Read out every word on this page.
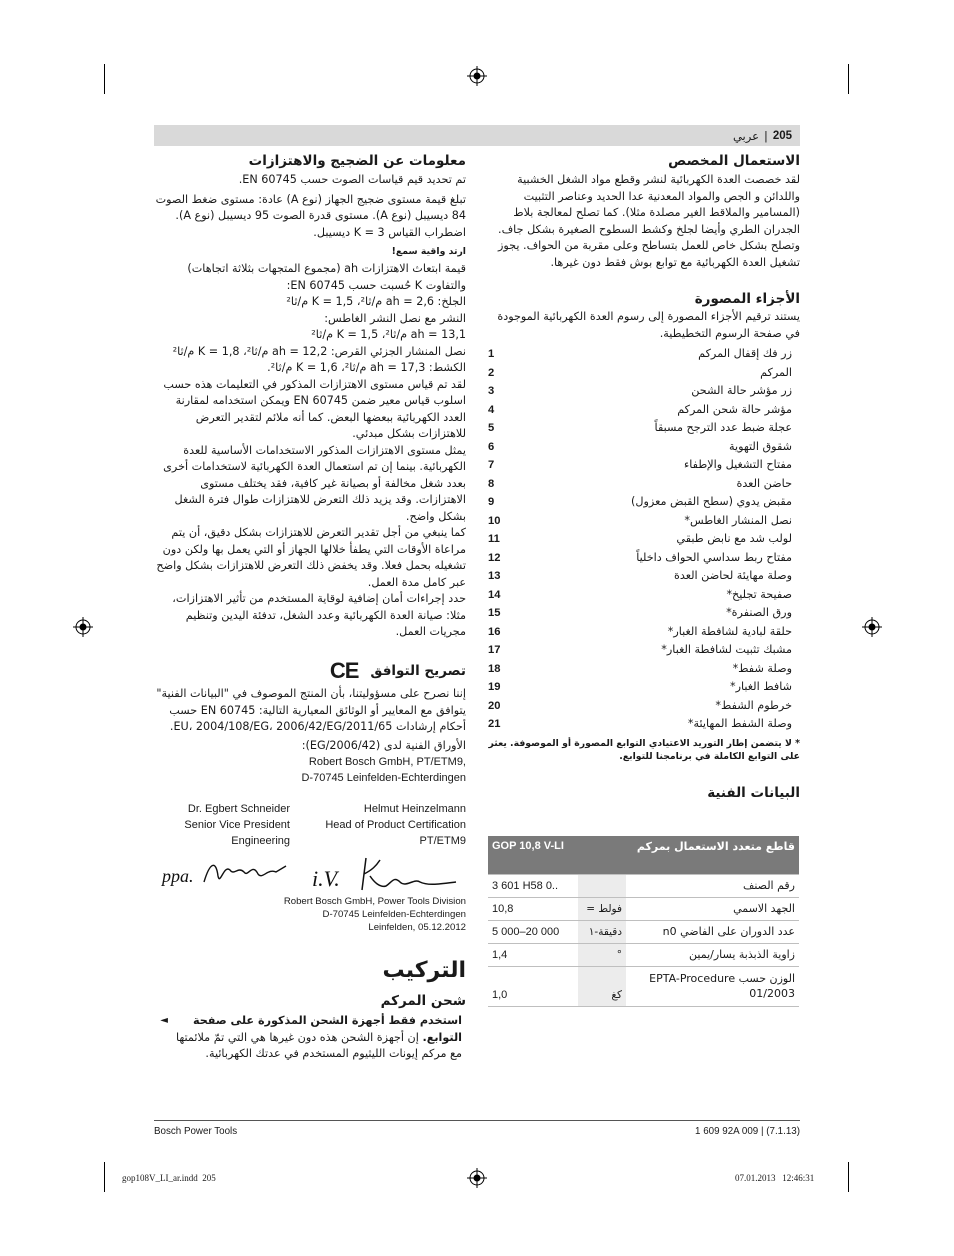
205
|
عربي
الاستعمال المخصص

لقد خصصت العدة الكهربائية لنشر وقطع مواد الشغل الخشبية واللدائن و الجص والمواد المعدنية عدا الحديد وعناصر التثبيت (المسامير والملاقط الغير مصلدة مثلا). كما تصلح لمعالجة بلاط الجدران الطري وأيضا لجلخ وكشط السطوح الصغيرة بشكل جاف. وتصلح بشكل خاص للعمل بتساطح وعلى مقربة من الحواف. يجوز تشغيل العدة الكهربائية مع توابع بوش فقط دون غيرها.

الأجزاء المصورة

يستند ترقيم الأجزاء المصورة إلى رسوم العدة الكهربائية الموجودة في صفحة الرسوم التخطيطية.

1	زر فك إقفال المركم
2	المركم
3	زر مؤشر حالة الشحن
4	مؤشر حالة شحن المركم
5	عجلة ضبط عدد الترجح مسبقاً
6	شقوق التهوية
7	مفتاح التشغيل والإطفاء
8	حاضن العدة
9	مقبض يدوي (سطح القبض معزول)
10	نصل المنشار الغاطس*
11	لولب شد مع نابض طبقي
12	مفتاح ربط سداسي الحواف داخلياً
13	وصلة مهايئة لحاضن العدة
14	صفيحة تجليخ*
15	ورق الصنفرة*
16	حلقة لبادية لشافطة الغبار*
17	مشبك تثبيت لشافطة الغبار*
18	وصلة شفط*
19	شافط الغبار*
20	خرطوم الشفط*
21	وصلة الشفط المهايئة*

* لا يتضمن إطار التوريد الاعتيادي التوابع المصورة أو الموصوفة. يعثر على التوابع الكاملة في برنامجنا للتوابع.

البيانات الفنية
GOP 10,8 V-LI		قاطع متعدد الاستعمال بمركم
3 601 H58 0..		رقم الصنف
10,8	فولط =	الجهد الاسمي
5 000–20 000	دقيقة-١	عدد الدوران على الفاضي n0
1,4	°	زاوية الذبذبة يسار/يمين
1,0	كغ	الوزن حسب EPTA-Procedure 01/2003
معلومات عن الضجيج والاهتزازات

تم تحديد قيم قياسات الصوت حسب EN 60745.

تبلغ قيمة مستوى ضجيج الجهاز (نوع A) عادة: مستوى ضغط الصوت 84 ديسيبل (نوع A). مستوى قدرة الصوت 95 ديسيبل (نوع A). اضطراب القياس K = 3 ديسيبل.

ارتد واقية سمع!

قيمة ابتعاث الاهتزازات ah (مجموع المتجهات بثلاثة اتجاهات) والتفاوت K حُسبت حسب EN 60745:

الجلخ: ah = 2,6 م/ثا²، K = 1,5 م/ثا²

النشر مع نصل النشر الغاطس:

ah = 13,1 م/ثا²، K = 1,5 م/ثا²

نصل المنشار الجزئي القرص: ah = 12,2 م/ثا²، K = 1,8 م/ثا²

الكشط: ah = 17,3 م/ثا²، K = 1,6 م/ثا².

لقد تم قياس مستوى الاهتزازات المذكور في التعليمات هذه حسب اسلوب قياس معير ضمن EN 60745 ويمكن استخدامه لمقارنة العدد الكهربائية ببعضها البعض. كما أنه ملائم لتقدير التعرض للاهتزازات بشكل مبدئي.

يمثل مستوى الاهتزازات المذكور الاستخدامات الأساسية للعدة الكهربائية. بينما إن تم استعمال العدة الكهربائية لاستخدامات أخرى بعدد شغل مخالفة أو بصيانة غير كافية، فقد يختلف مستوى الاهتزازات. وقد يزيد ذلك التعرض للاهتزازات طوال فترة الشغل بشكل واضح.

كما ينبغي من أجل تقدير التعرض للاهتزازات بشكل دقيق، أن يتم مراعاة الأوقات التي يطفأ خلالها الجهاز أو التي يعمل بها ولكن دون تشغيله بحمل فعلا. وقد يخفض ذلك التعرض للاهتزازات بشكل واضح عبر كامل مدة العمل.

حدد إجراءات أمان إضافية لوقاية المستخدم من تأثير الاهتزازات، مثلا: صيانة العدة الكهربائية وعدد الشغل، تدفئة اليدين وتنظيم مجريات العمل.

تصريح التوافق
CE

إننا نصرح على مسؤوليتنا، بأن المنتج الموصوف في "البيانات الفنية" يتوافق مع المعايير أو الوثائق المعيارية التالية: EN 60745 حسب أحكام إرشادات 2011/65/EU، 2004/108/EG، 2006/42/EG.

الأوراق الفنية لدى (2006/42/EG):

Robert Bosch GmbH, PT/ETM9,
D-70745 Leinfelden-Echterdingen
Dr. Egbert Schneider
Senior Vice President
Engineering
Helmut Heinzelmann
Head of Product Certification
PT/ETM9
ppa.	i.V.
Robert Bosch GmbH, Power Tools Division
D-70745 Leinfelden-Echterdingen
Leinfelden, 05.12.2012
التركيب
شحن المركم
◄	استخدم فقط أجهزة الشحن المذكورة على صفحة التوابع. إن أجهزة الشحن هذه دون غيرها هي التي تمّ ملائمتها مع مركم إيونات الليثيوم المستخدم في عدتك الكهربائية.

Bosch Power Tools	1 609 92A 009 | (7.1.13)
gop108V_LI_ar.indd 205	07.01.2013 12:46:31
